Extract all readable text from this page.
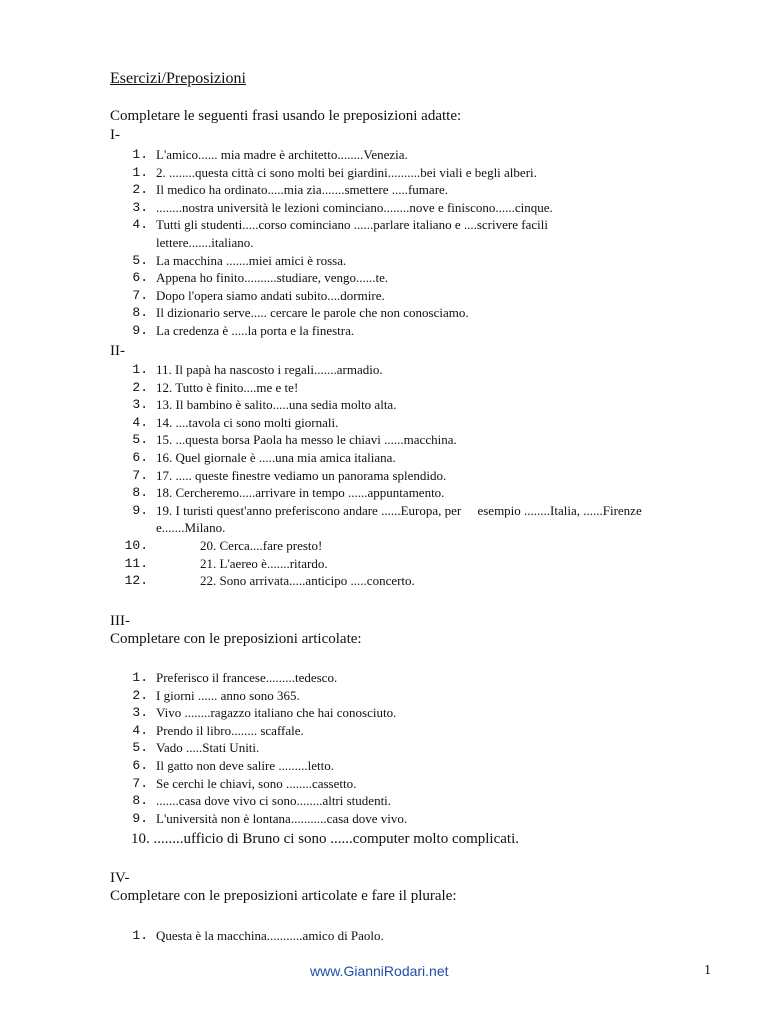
Esercizi/Preposizioni

Completare le seguenti frasi usando le preposizioni adatte:

I-

1. L'amico...... mia madre è architetto........Venezia.
1. 2. ........questa città ci sono molti bei giardini..........bei viali e begli alberi.
2. Il medico ha ordinato.....mia zia.......smettere .....fumare.
3. ........nostra università le lezioni cominciano........nove e finiscono......cinque.
4. Tutti gli studenti.....corso cominciano ......parlare italiano e ....scrivere facili lettere.......italiano.
5. La macchina .......miei amici è rossa.
6. Appena ho finito..........studiare, vengo......te.
7. Dopo l'opera siamo andati subito....dormire.
8. Il dizionario serve..... cercare le parole che non conosciamo.
9. La credenza è .....la porta e la finestra.

II-

1. 11. Il papà ha nascosto i regali.......armadio.
2. 12. Tutto è finito....me e te!
3. 13. Il bambino è salito.....una sedia molto alta.
4. 14. ....tavola ci sono molti giornali.
5. 15. ...questa borsa Paola ha messo le chiavi ......macchina.
6. 16. Quel giornale è .....una mia amica italiana.
7. 17. ..... queste finestre vediamo un panorama splendido.
8. 18. Cercheremo.....arrivare in tempo ......appuntamento.
9. 19. I turisti quest'anno preferiscono andare ......Europa, per     esempio ........Italia, ......Firenze e.......Milano.
10.	20. Cerca....fare presto!
11.	21. L'aereo è.......ritardo.
12.	22. Sono arrivata.....anticipo .....concerto.

III-

Completare con le preposizioni articolate:

1. Preferisco il francese.........tedesco.
2. I giorni ...... anno sono 365.
3. Vivo ........ragazzo italiano che hai conosciuto.
4. Prendo il libro........ scaffale.
5. Vado .....Stati Uniti.
6. Il gatto non deve salire .........letto.
7. Se cerchi le chiavi, sono ........cassetto.
8. .......casa dove vivo ci sono........altri studenti.
9. L'università non è lontana...........casa dove vivo.

10. ........ufficio di Bruno ci sono ......computer molto complicati.

IV-

Completare con le preposizioni articolate e fare il plurale:

1. Questa è la macchina...........amico di Paolo.
www.GianniRodari.net	1
